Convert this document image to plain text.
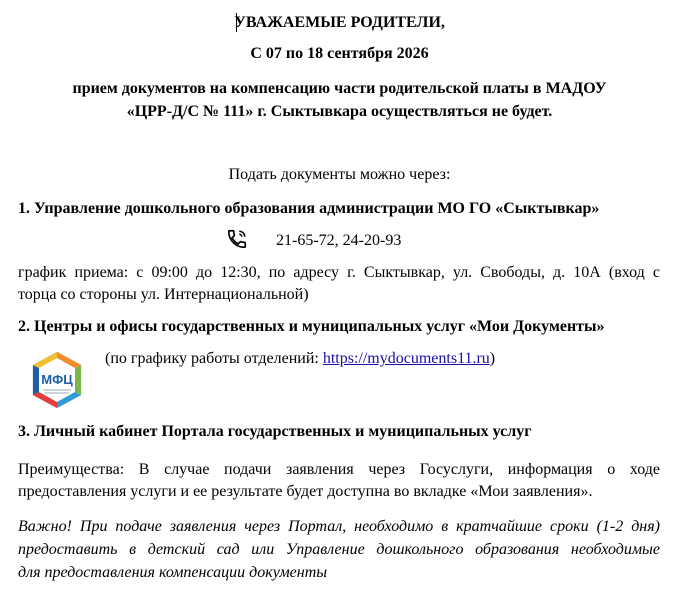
УВАЖАЕМЫЕ РОДИТЕЛИ,
С 07 по 18 сентября 2026
прием документов на компенсацию части родительской платы в МАДОУ
«ЦРР-Д/С № 111» г. Сыктывкара осуществляться не будет.
Подать документы можно через:
1. Управление дошкольного образования администрации МО ГО «Сыктывкар»
21-65-72, 24-20-93
график приема: с 09:00 до 12:30, по адресу г. Сыктывкар, ул. Свободы, д. 10А (вход с
торца со стороны ул. Интернациональной)
2. Центры и офисы государственных и муниципальных услуг «Мои Документы»
МФЦ
(по графику работы отделений: https://mydocuments11.ru)
3. Личный кабинет Портала государственных и муниципальных услуг
Преимущества: В случае подачи заявления через Госуслуги, информация о ходе
предоставления услуги и ее результате будет доступна во вкладке «Мои заявления».
Важно! При подаче заявления через Портал, необходимо в кратчайшие сроки (1-2 дня)
предоставить в детский сад или Управление дошкольного образования необходимые
для предоставления компенсации документы
